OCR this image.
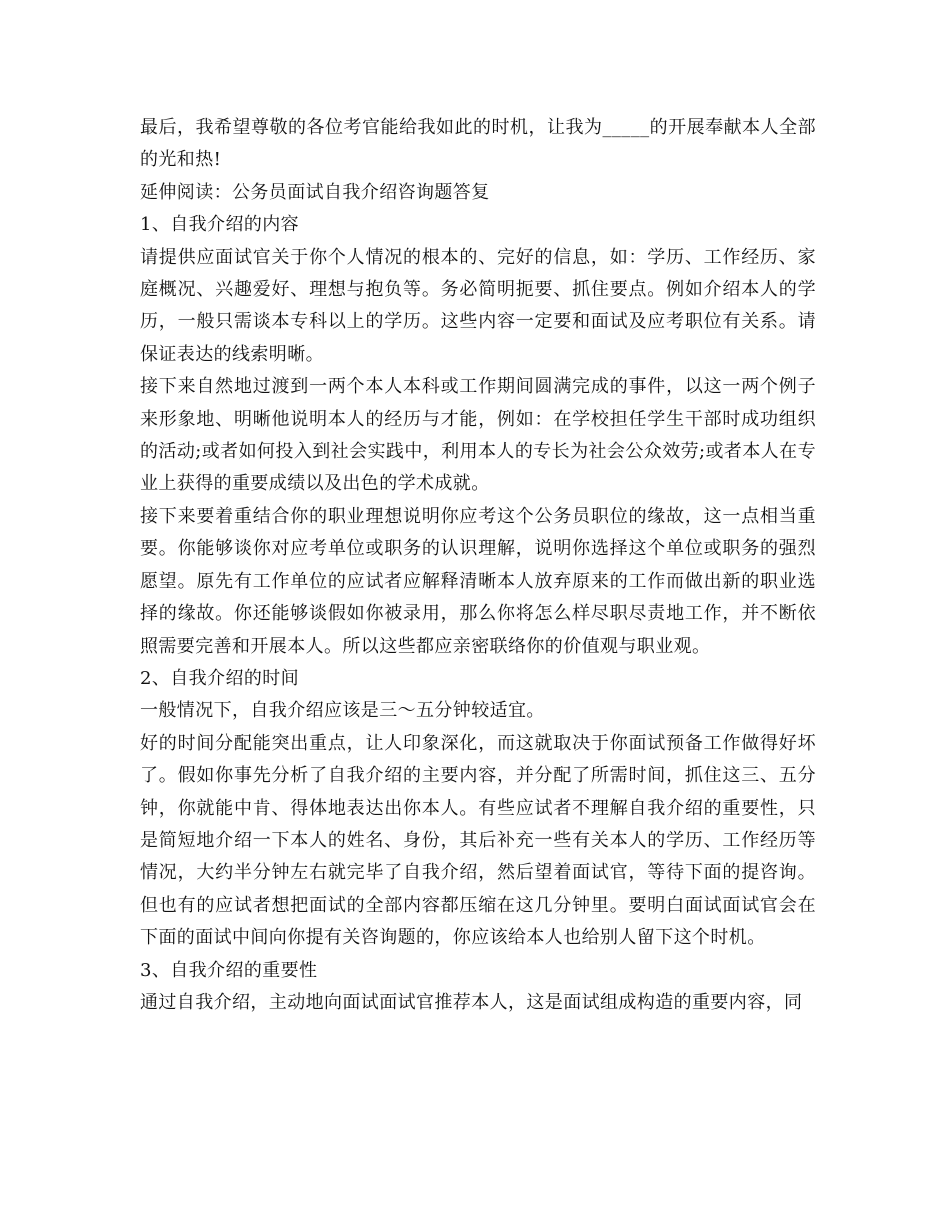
最后，我希望尊敬的各位考官能给我如此的时机，让我为_____的开展奉献本人全部的光和热!

延伸阅读：公务员面试自我介绍咨询题答复

1、自我介绍的内容

请提供应面试官关于你个人情况的根本的、完好的信息，如：学历、工作经历、家庭概况、兴趣爱好、理想与抱负等。务必简明扼要、抓住要点。例如介绍本人的学历，一般只需谈本专科以上的学历。这些内容一定要和面试及应考职位有关系。请保证表达的线索明晰。

接下来自然地过渡到一两个本人本科或工作期间圆满完成的事件，以这一两个例子来形象地、明晰他说明本人的经历与才能，例如：在学校担任学生干部时成功组织的活动;或者如何投入到社会实践中，利用本人的专长为社会公众效劳;或者本人在专业上获得的重要成绩以及出色的学术成就。

接下来要着重结合你的职业理想说明你应考这个公务员职位的缘故，这一点相当重要。你能够谈你对应考单位或职务的认识理解，说明你选择这个单位或职务的强烈愿望。原先有工作单位的应试者应解释清晰本人放弃原来的工作而做出新的职业选择的缘故。你还能够谈假如你被录用，那么你将怎么样尽职尽责地工作，并不断依照需要完善和开展本人。所以这些都应亲密联络你的价值观与职业观。

2、自我介绍的时间

一般情况下，自我介绍应该是三～五分钟较适宜。

好的时间分配能突出重点，让人印象深化，而这就取决于你面试预备工作做得好坏了。假如你事先分析了自我介绍的主要内容，并分配了所需时间，抓住这三、五分钟，你就能中肯、得体地表达出你本人。有些应试者不理解自我介绍的重要性，只是简短地介绍一下本人的姓名、身份，其后补充一些有关本人的学历、工作经历等情况，大约半分钟左右就完毕了自我介绍，然后望着面试官，等待下面的提咨询。但也有的应试者想把面试的全部内容都压缩在这几分钟里。要明白面试面试官会在下面的面试中间向你提有关咨询题的，你应该给本人也给别人留下这个时机。

3、自我介绍的重要性

通过自我介绍，主动地向面试面试官推荐本人，这是面试组成构造的重要内容，同
